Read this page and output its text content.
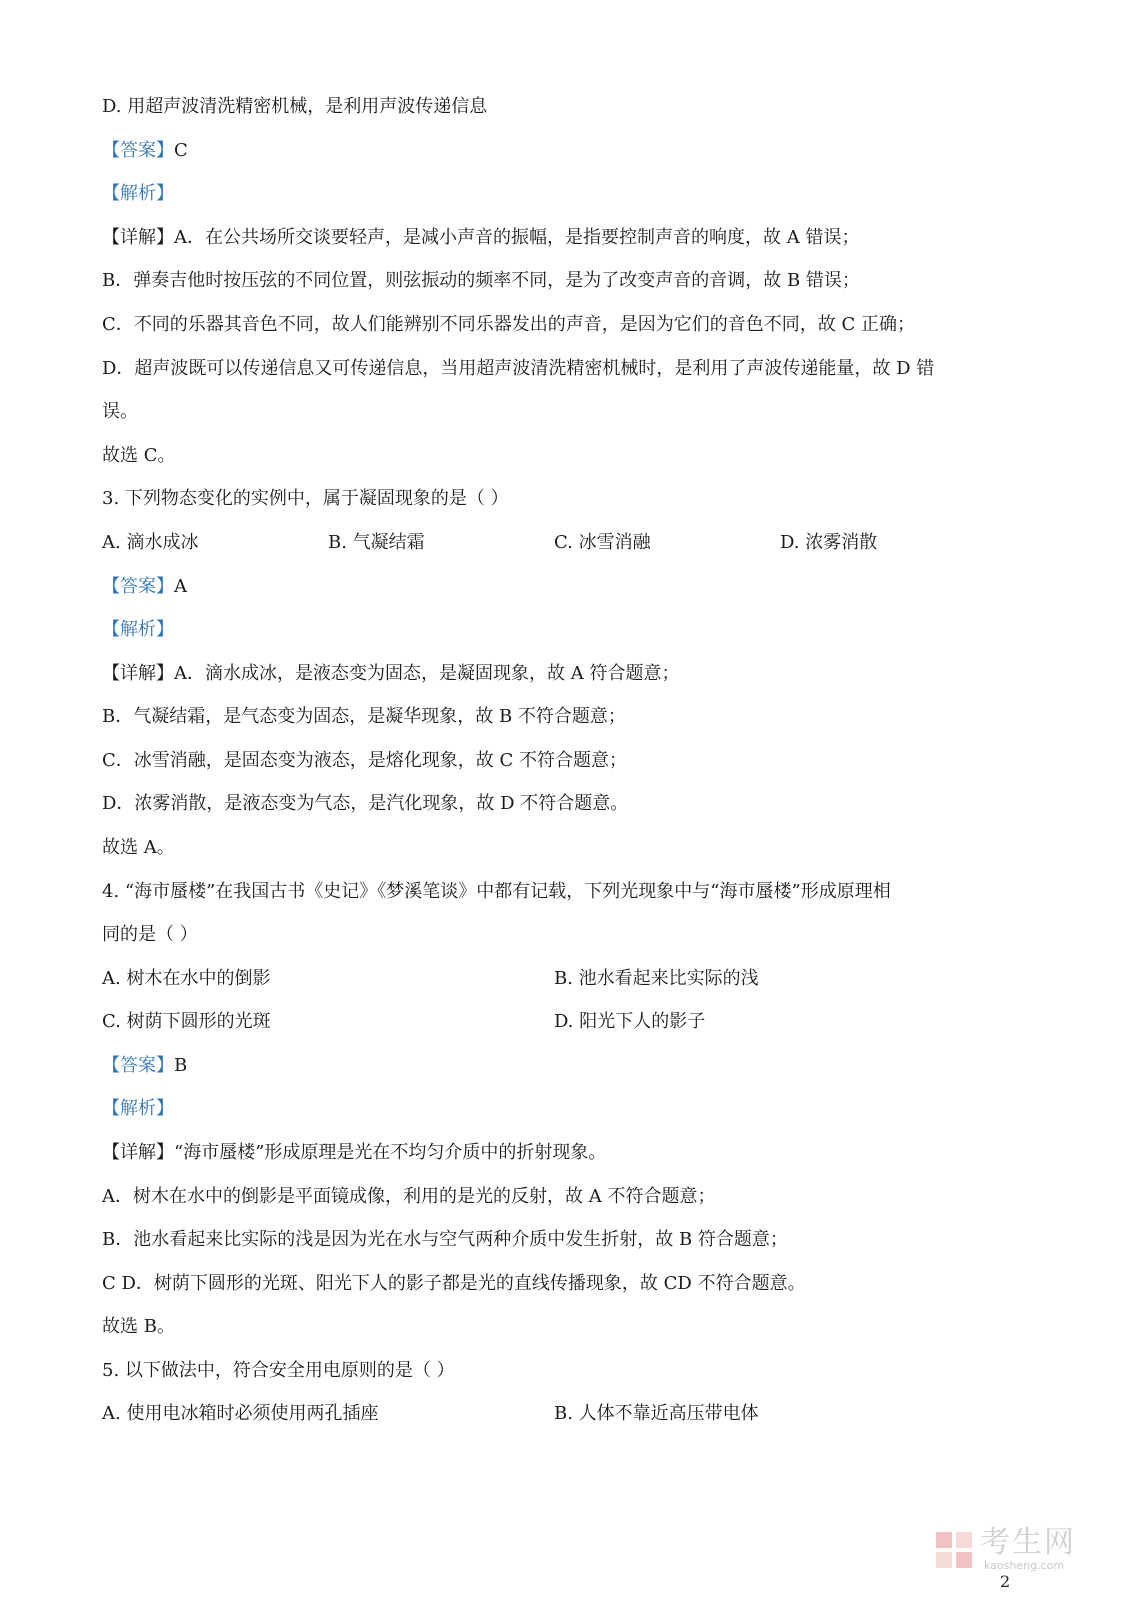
D. 用超声波清洗精密机械，是利用声波传递信息
【答案】C
【解析】
【详解】A．在公共场所交谈要轻声，是减小声音的振幅，是指要控制声音的响度，故 A 错误；
B．弹奏吉他时按压弦的不同位置，则弦振动的频率不同，是为了改变声音的音调，故 B 错误；
C．不同的乐器其音色不同，故人们能辨别不同乐器发出的声音，是因为它们的音色不同，故 C 正确；
D．超声波既可以传递信息又可传递信息，当用超声波清洗精密机械时，是利用了声波传递能量，故 D 错
误。
故选 C。
3. 下列物态变化的实例中，属于凝固现象的是（ ）
A. 滴水成冰	B. 气凝结霜	C. 冰雪消融	D. 浓雾消散
【答案】A
【解析】
【详解】A．滴水成冰，是液态变为固态，是凝固现象，故 A 符合题意；
B．气凝结霜，是气态变为固态，是凝华现象，故 B 不符合题意；
C．冰雪消融，是固态变为液态，是熔化现象，故 C 不符合题意；
D．浓雾消散，是液态变为气态，是汽化现象，故 D 不符合题意。
故选 A。
4. “海市蜃楼”在我国古书《史记》《梦溪笔谈》中都有记载，下列光现象中与“海市蜃楼”形成原理相
同的是（ ）
A. 树木在水中的倒影	B. 池水看起来比实际的浅
C. 树荫下圆形的光斑	D. 阳光下人的影子
【答案】B
【解析】
【详解】“海市蜃楼”形成原理是光在不均匀介质中的折射现象。
A．树木在水中的倒影是平面镜成像，利用的是光的反射，故 A 不符合题意；
B．池水看起来比实际的浅是因为光在水与空气两种介质中发生折射，故 B 符合题意；
C D．树荫下圆形的光斑、阳光下人的影子都是光的直线传播现象，故 CD 不符合题意。
故选 B。
5. 以下做法中，符合安全用电原则的是（ ）
A. 使用电冰箱时必须使用两孔插座	B. 人体不靠近高压带电体
考生网
kaosheng.com
2
